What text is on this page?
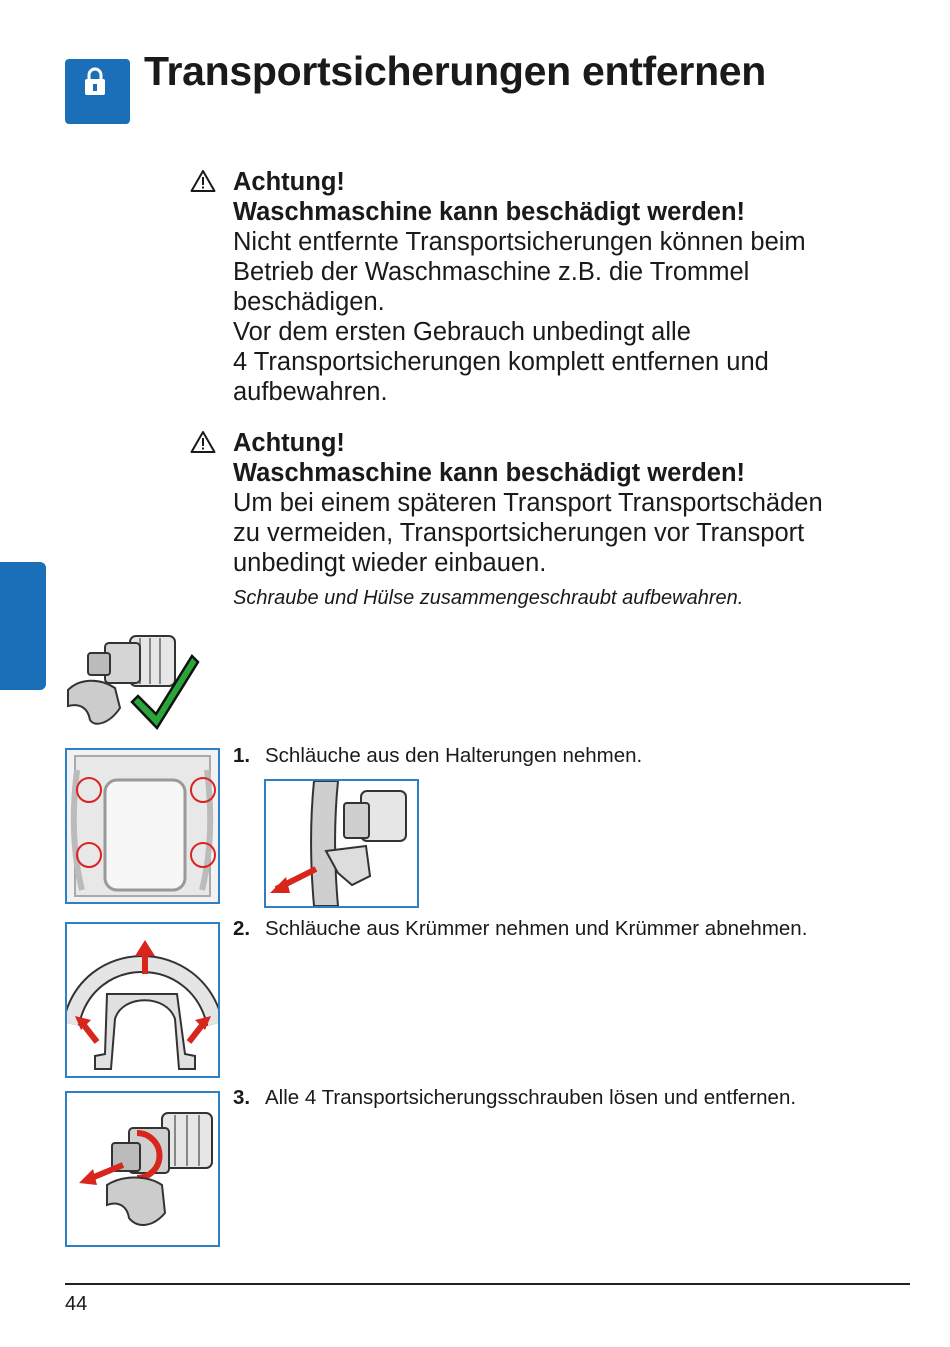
Transportsicherungen entfernen
Achtung!
Waschmaschine kann beschädigt werden!
Nicht entfernte Transportsicherungen können beim
Betrieb der Waschmaschine z.B. die Trommel
beschädigen.
Vor dem ersten Gebrauch unbedingt alle
4 Transportsicherungen komplett entfernen und
aufbewahren.
Achtung!
Waschmaschine kann beschädigt werden!
Um bei einem späteren Transport Transportschäden
zu vermeiden, Transportsicherungen vor Transport
unbedingt wieder einbauen.
Schraube und Hülse zusammengeschraubt aufbewahren.
1. Schläuche aus den Halterungen nehmen.
2. Schläuche aus Krümmer nehmen und Krümmer abnehmen.
3. Alle 4 Transportsicherungsschrauben lösen und entfernen.
44
